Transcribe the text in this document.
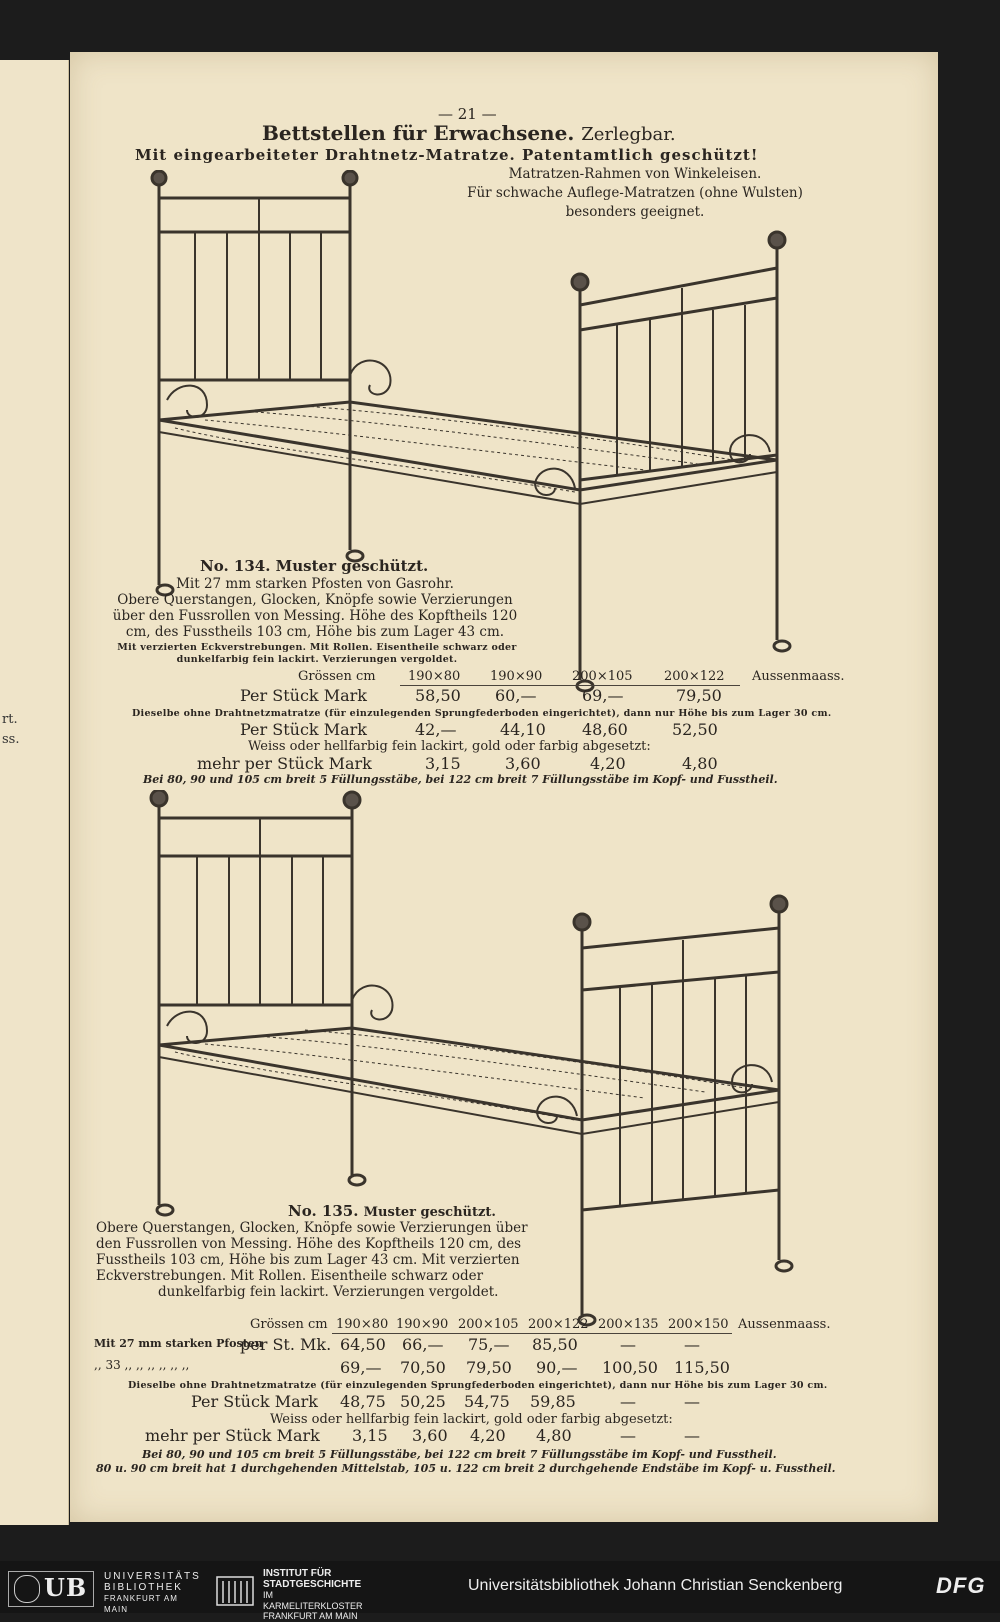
rt.
ss.
— 21 —
Bettstellen für Erwachsene. Zerlegbar.
Mit eingearbeiteter Drahtnetz-Matratze. Patentamtlich geschützt!
Matratzen-Rahmen von Winkeleisen.
Für schwache Auflege-Matratzen (ohne Wulsten)
besonders geeignet.
No. 134. Muster geschützt.
Mit 27 mm starken Pfosten von Gasrohr.
Obere Querstangen, Glocken, Knöpfe sowie Verzierungen
über den Fussrollen von Messing. Höhe des Kopftheils 120
cm, des Fusstheils 103 cm, Höhe bis zum Lager 43 cm.
Mit verzierten Eckverstrebungen. Mit Rollen. Eisentheile schwarz oder
dunkelfarbig fein lackirt. Verzierungen vergoldet.
Grössen cm 190×80 190×90 200×105 200×122 Aussenmaass.
Per Stück Mark	58,50 60,—	69,—	79,50
Dieselbe ohne Drahtnetzmatratze (für einzulegenden Sprungfederboden eingerichtet), dann nur Höhe bis zum Lager 30 cm.
Per Stück Mark	42,—	44,10 48,60	52,50
Weiss oder hellfarbig fein lackirt, gold oder farbig abgesetzt:
mehr per Stück Mark	3,15	3,60	4,20	4,80
Bei 80, 90 und 105 cm breit 5 Füllungsstäbe, bei 122 cm breit 7 Füllungsstäbe im Kopf- und Fusstheil.
No. 135. Muster geschützt.
Obere Querstangen, Glocken, Knöpfe sowie Verzierungen über
den Fussrollen von Messing. Höhe des Kopftheils 120 cm, des
Fusstheils 103 cm, Höhe bis zum Lager 43 cm. Mit verzierten
Eckverstrebungen. Mit Rollen. Eisentheile schwarz oder
dunkelfarbig fein lackirt. Verzierungen vergoldet.
Grössen cm 190×80 190×90 200×105 200×122 200×135 200×150 Aussenmaass.
Mit 27 mm starken Pfosten
per St. Mk. 64,50 66,— 75,— 85,50	—	—
,, 33 ,, ,, ,, ,, ,, ,,	69,— 70,50 79,50 90,— 100,50 115,50
Dieselbe ohne Drahtnetzmatratze (für einzulegenden Sprungfederboden eingerichtet), dann nur Höhe bis zum Lager 30 cm.
Per Stück Mark 48,75 50,25 54,75 59,85	—	—
Weiss oder hellfarbig fein lackirt, gold oder farbig abgesetzt:
mehr per Stück Mark 3,15 3,60 4,20 4,80	—	—
Bei 80, 90 und 105 cm breit 5 Füllungsstäbe, bei 122 cm breit 7 Füllungsstäbe im Kopf- und Fusstheil.
80 u. 90 cm breit hat 1 durchgehenden Mittelstab, 105 u. 122 cm breit 2 durchgehende Endstäbe im Kopf- u. Fusstheil.
UB UNIVERSITÄTS
BIBLIOTHEK
FRANKFURT AM MAIN
INSTITUT FÜR
STADTGESCHICHTE
IM KARMELITERKLOSTER
FRANKFURT AM MAIN
Universitätsbibliothek Johann Christian Senckenberg	DFG
